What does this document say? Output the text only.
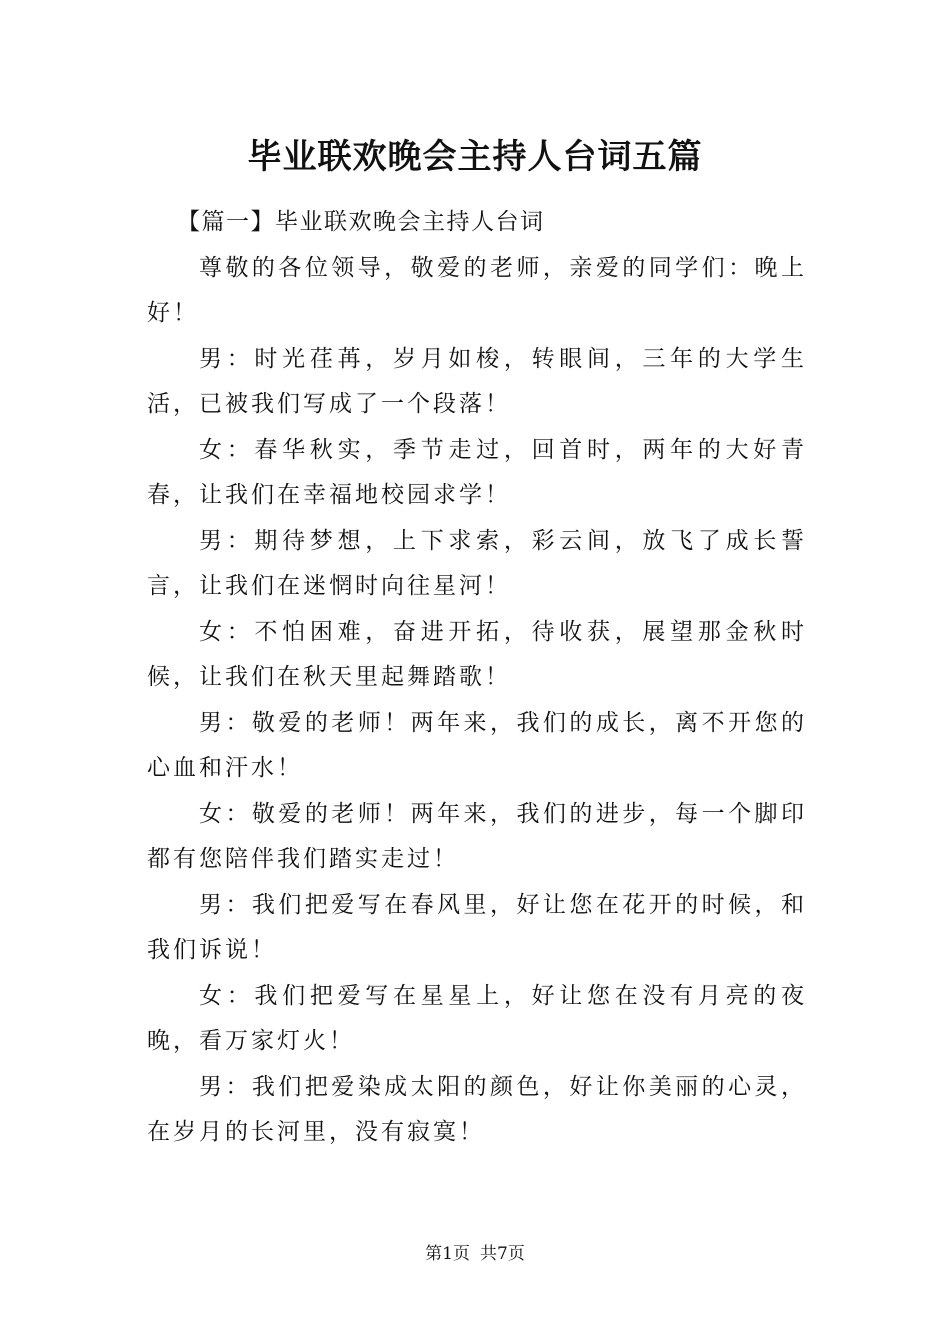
毕业联欢晚会主持人台词五篇

【篇一】毕业联欢晚会主持人台词

尊敬的各位领导，敬爱的老师，亲爱的同学们：晚上好！

男：时光荏苒，岁月如梭，转眼间，三年的大学生活，已被我们写成了一个段落！

女：春华秋实，季节走过，回首时，两年的大好青春，让我们在幸福地校园求学！

男：期待梦想，上下求索，彩云间，放飞了成长誓言，让我们在迷惘时向往星河！

女：不怕困难，奋进开拓，待收获，展望那金秋时候，让我们在秋天里起舞踏歌！

男：敬爱的老师！两年来，我们的成长，离不开您的心血和汗水！

女：敬爱的老师！两年来，我们的进步，每一个脚印都有您陪伴我们踏实走过！

男：我们把爱写在春风里，好让您在花开的时候，和我们诉说！

女：我们把爱写在星星上，好让您在没有月亮的夜晚，看万家灯火！

男：我们把爱染成太阳的颜色，好让你美丽的心灵，在岁月的长河里，没有寂寞！

第1页 共7页
